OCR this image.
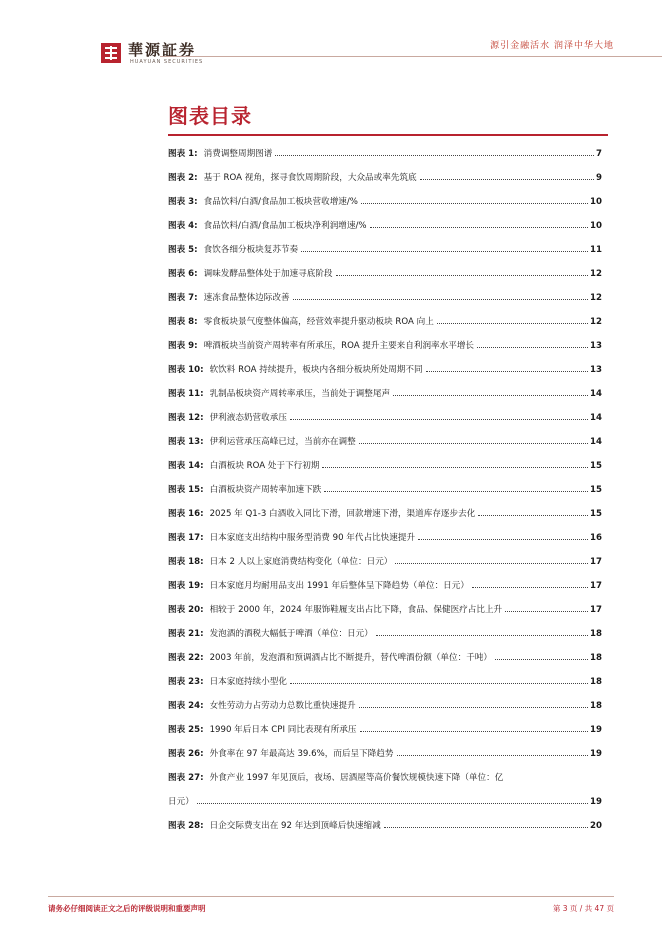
華源証券
HUAYUAN SECURITIES
源引金融活水 润泽中华大地
图表目录
图表 1: 消费调整周期图谱	7
图表 2: 基于 ROA 视角，探寻食饮周期阶段，大众品或率先筑底	9
图表 3: 食品饮料/白酒/食品加工板块营收增速/%	10
图表 4: 食品饮料/白酒/食品加工板块净利润增速/%	10
图表 5: 食饮各细分板块复苏节奏	11
图表 6: 调味发酵品整体处于加速寻底阶段	12
图表 7: 速冻食品整体边际改善	12
图表 8: 零食板块景气度整体偏高，经营效率提升驱动板块 ROA 向上	12
图表 9: 啤酒板块当前资产周转率有所承压，ROA 提升主要来自利润率水平增长	13
图表 10: 软饮料 ROA 持续提升，板块内各细分板块所处周期不同	13
图表 11: 乳制品板块资产周转率承压，当前处于调整尾声	14
图表 12: 伊利液态奶营收承压	14
图表 13: 伊利运营承压高峰已过，当前亦在调整	14
图表 14: 白酒板块 ROA 处于下行初期	15
图表 15: 白酒板块资产周转率加速下跌	15
图表 16: 2025 年 Q1-3 白酒收入同比下滑，回款增速下滑，渠道库存逐步去化	15
图表 17: 日本家庭支出结构中服务型消费 90 年代占比快速提升	16
图表 18: 日本 2 人以上家庭消费结构变化（单位：日元）	17
图表 19: 日本家庭月均耐用品支出 1991 年后整体呈下降趋势（单位：日元）	17
图表 20: 相较于 2000 年，2024 年服饰鞋履支出占比下降，食品、保健医疗占比上升	17
图表 21: 发泡酒的酒税大幅低于啤酒（单位：日元）	18
图表 22: 2003 年前，发泡酒和预调酒占比不断提升，替代啤酒份额（单位：千吨）	18
图表 23: 日本家庭持续小型化	18
图表 24: 女性劳动力占劳动力总数比重快速提升	18
图表 25: 1990 年后日本 CPI 同比表现有所承压	19
图表 26: 外食率在 97 年最高达 39.6%，而后呈下降趋势	19
图表 27: 外食产业 1997 年见顶后，夜场、居酒屋等高价餐饮规模快速下降（单位：亿
日元）	19
图表 28: 日企交际费支出在 92 年达到顶峰后快速缩减	20
请务必仔细阅读正文之后的评级说明和重要声明	第 3 页 / 共 47 页
